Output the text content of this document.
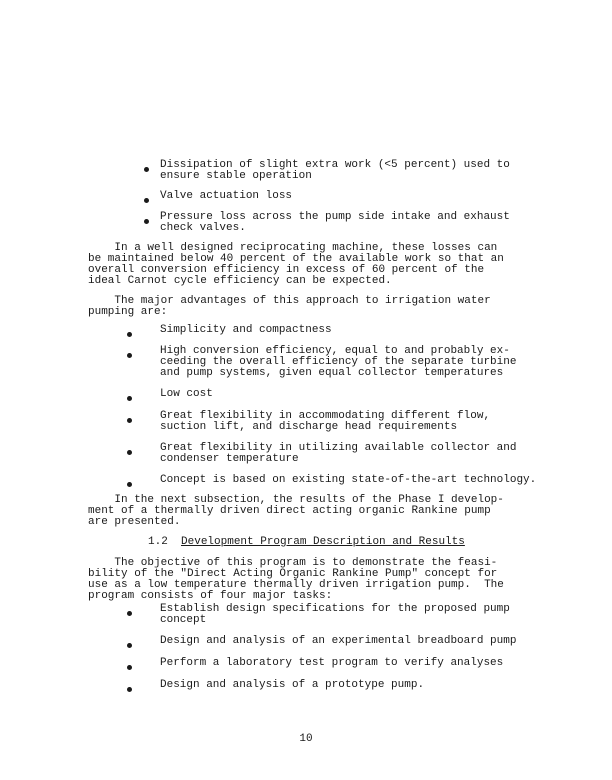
Dissipation of slight extra work (<5 percent) used to
ensure stable operation
Valve actuation loss
Pressure loss across the pump side intake and exhaust
check valves.
In a well designed reciprocating machine, these losses can
be maintained below 40 percent of the available work so that an
overall conversion efficiency in excess of 60 percent of the
ideal Carnot cycle efficiency can be expected.
The major advantages of this approach to irrigation water
pumping are:
Simplicity and compactness
High conversion efficiency, equal to and probably ex-
ceeding the overall efficiency of the separate turbine
and pump systems, given equal collector temperatures
Low cost
Great flexibility in accommodating different flow,
suction lift, and discharge head requirements
Great flexibility in utilizing available collector and
condenser temperature
Concept is based on existing state-of-the-art technology.
In the next subsection, the results of the Phase I develop-
ment of a thermally driven direct acting organic Rankine pump
are presented.
1.2 Development Program Description and Results
The objective of this program is to demonstrate the feasi-
bility of the "Direct Acting Organic Rankine Pump" concept for
use as a low temperature thermally driven irrigation pump.  The
program consists of four major tasks:
Establish design specifications for the proposed pump
concept
Design and analysis of an experimental breadboard pump
Perform a laboratory test program to verify analyses
Design and analysis of a prototype pump.
10
